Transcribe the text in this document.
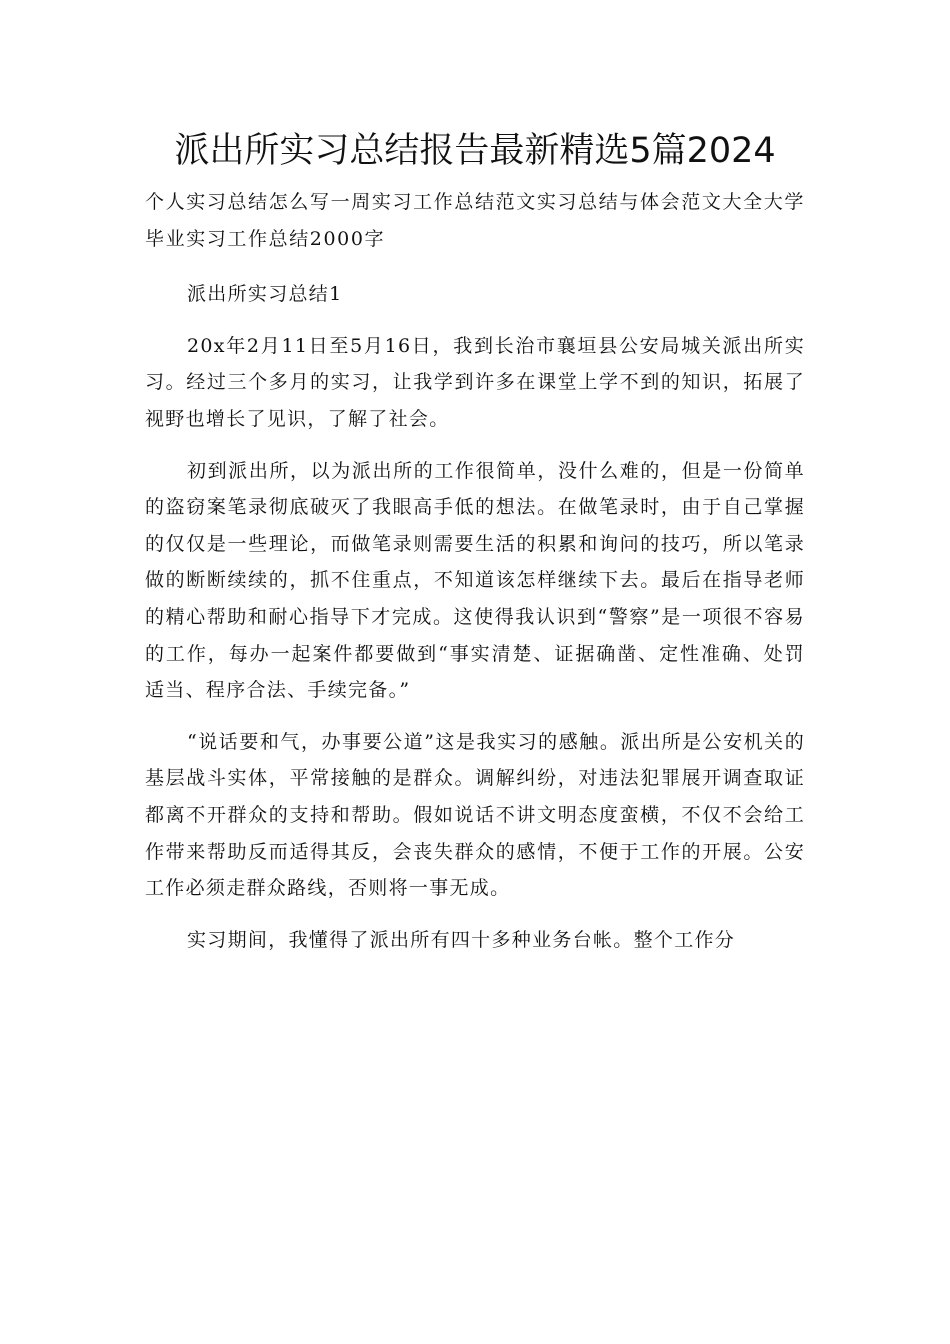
派出所实习总结报告最新精选5篇2024

个人实习总结怎么写一周实习工作总结范文实习总结与体会范文大全大学毕业实习工作总结2000字

派出所实习总结1

20x年2月11日至5月16日，我到长治市襄垣县公安局城关派出所实习。经过三个多月的实习，让我学到许多在课堂上学不到的知识，拓展了视野也增长了见识，了解了社会。

初到派出所，以为派出所的工作很简单，没什么难的，但是一份简单的盗窃案笔录彻底破灭了我眼高手低的想法。在做笔录时，由于自己掌握的仅仅是一些理论，而做笔录则需要生活的积累和询问的技巧，所以笔录做的断断续续的，抓不住重点，不知道该怎样继续下去。最后在指导老师的精心帮助和耐心指导下才完成。这使得我认识到“警察”是一项很不容易的工作，每办一起案件都要做到“事实清楚、证据确凿、定性准确、处罚适当、程序合法、手续完备。”

“说话要和气，办事要公道”这是我实习的感触。派出所是公安机关的基层战斗实体，平常接触的是群众。调解纠纷，对违法犯罪展开调查取证都离不开群众的支持和帮助。假如说话不讲文明态度蛮横，不仅不会给工作带来帮助反而适得其反，会丧失群众的感情，不便于工作的开展。公安工作必须走群众路线，否则将一事无成。

实习期间，我懂得了派出所有四十多种业务台帐。整个工作分
